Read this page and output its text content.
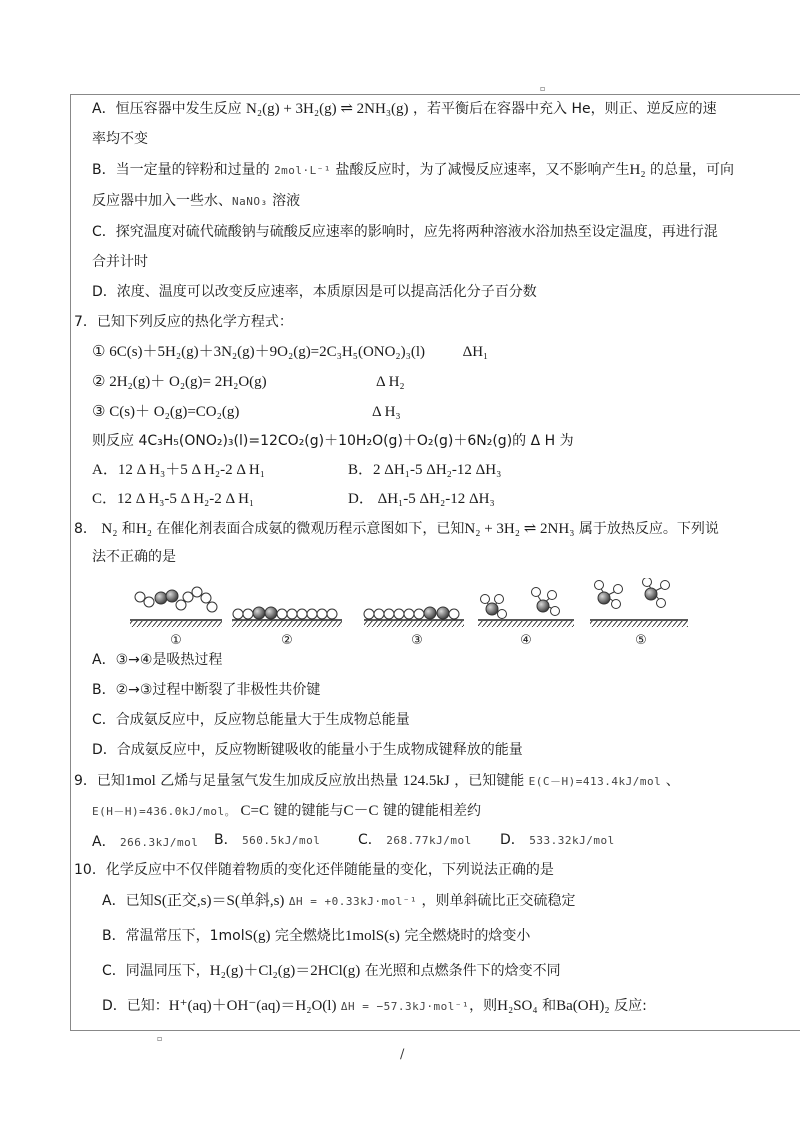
▫
▫
A．恒压容器中发生反应 N₂(g) + 3H₂(g) ⇌ 2NH₃(g) ，若平衡后在容器中充入 He，则正、逆反应的速
率均不变
B．当一定量的锌粉和过量的 2mol·L⁻¹ 盐酸反应时，为了减慢反应速率，又不影响产生H₂ 的总量，可向
反应器中加入一些水、NaNO₃ 溶液
C．探究温度对硫代硫酸钠与硫酸反应速率的影响时，应先将两种溶液水浴加热至设定温度，再进行混
合并计时
D．浓度、温度可以改变反应速率，本质原因是可以提高活化分子百分数
7．已知下列反应的热化学方程式：
① 6C(s)＋5H₂(g)＋3N₂(g)＋9O₂(g)=2C₃H₅(ONO₂)₃(l)	ΔH₁
② 2H₂(g)＋ O₂(g)= 2H₂O(g)	Δ H₂
③ C(s)＋ O₂(g)=CO₂(g)	Δ H₃
则反应 4C₃H₅(ONO₂)₃(l)=12CO₂(g)＋10H₂O(g)＋O₂(g)＋6N₂(g)的 Δ H 为
A．12 Δ H₃＋5 Δ H₂-2 Δ H₁	B．2 ΔH₁-5 ΔH₂-12 ΔH₃
C．12 Δ H₃-5 Δ H₂-2 Δ H₁	D． ΔH₁-5 ΔH₂-12 ΔH₃
8． N₂ 和H₂ 在催化剂表面合成氨的微观历程示意图如下，已知N₂ + 3H₂ ⇌ 2NH₃ 属于放热反应。下列说
法不正确的是
①	②	③	④	⑤
A．③→④是吸热过程
B．②→③过程中断裂了非极性共价键
C．合成氨反应中，反应物总能量大于生成物总能量
D．合成氨反应中，反应物断键吸收的能量小于生成物成键释放的能量
9．已知1mol 乙烯与足量氢气发生加成反应放出热量 124.5kJ ，已知键能 E(C－H)=413.4kJ/mol 、
E(H－H)=436.0kJ/mol。 C=C 键的键能与C－C 键的键能相差约
A． 266.3kJ/mol B． 560.5kJ/mol	C． 268.77kJ/mol D． 533.32kJ/mol
10．化学反应中不仅伴随着物质的变化还伴随能量的变化，下列说法正确的是
A．已知S(正交,s)＝S(单斜,s) ΔH = +0.33kJ·mol⁻¹ ，则单斜硫比正交硫稳定
B．常温常压下，1molS(g) 完全燃烧比1molS(s) 完全燃烧时的焓变小
C．同温同压下，H₂(g)＋Cl₂(g)＝2HCl(g) 在光照和点燃条件下的焓变不同
D．已知：H⁺(aq)＋OH⁻(aq)＝H₂O(l) ΔH = −57.3kJ·mol⁻¹，则H₂SO₄ 和Ba(OH)₂ 反应:
/
